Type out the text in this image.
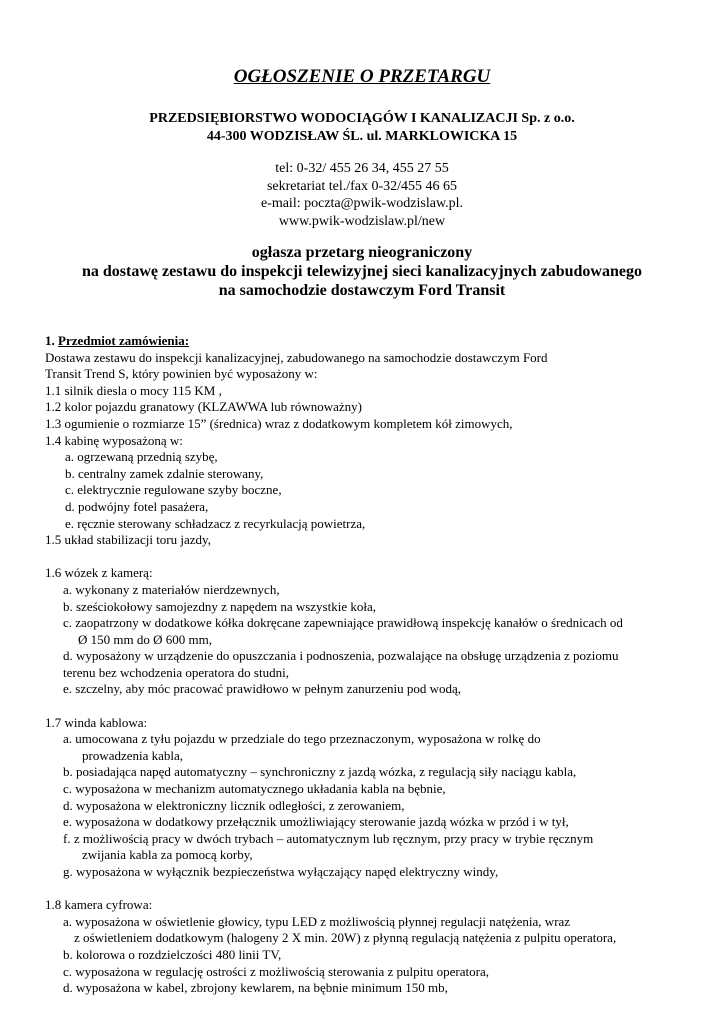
OGŁOSZENIE O PRZETARGU
PRZEDSIĘBIORSTWO WODOCIĄGÓW I KANALIZACJI Sp. z o.o.
44-300 WODZISŁAW ŚL. ul. MARKLOWICKA 15
tel: 0-32/ 455 26 34, 455 27 55
sekretariat tel./fax 0-32/455 46 65
e-mail: poczta@pwik-wodzislaw.pl.
www.pwik-wodzislaw.pl/new
ogłasza przetarg nieograniczony
na dostawę zestawu do inspekcji telewizyjnej sieci kanalizacyjnych zabudowanego
na samochodzie dostawczym Ford Transit
1. Przedmiot zamówienia:
Dostawa zestawu do inspekcji kanalizacyjnej, zabudowanego na samochodzie dostawczym Ford
Transit Trend S, który powinien być wyposażony w:
1.1 silnik diesla o mocy 115 KM ,
1.2 kolor pojazdu granatowy (KLZAWWA lub równoważny)
1.3 ogumienie o rozmiarze 15” (średnica) wraz z dodatkowym kompletem kół zimowych,
1.4 kabinę wyposażoną w:
a. ogrzewaną przednią szybę,
b. centralny zamek zdalnie sterowany,
c. elektrycznie regulowane szyby boczne,
d. podwójny fotel pasażera,
e. ręcznie sterowany schładzacz z recyrkulacją powietrza,
1.5 układ stabilizacji toru jazdy,
1.6 wózek z kamerą:
a. wykonany z materiałów nierdzewnych,
b. sześciokołowy samojezdny z napędem na wszystkie koła,
c. zaopatrzony w dodatkowe kółka dokręcane zapewniające prawidłową inspekcję kanałów o średnicach od
Ø 150 mm do Ø 600 mm,
d. wyposażony w urządzenie do opuszczania i podnoszenia, pozwalające na obsługę urządzenia z poziomu
terenu bez wchodzenia operatora do studni,
e. szczelny, aby móc pracować prawidłowo w pełnym zanurzeniu pod wodą,
1.7 winda kablowa:
a. umocowana z tyłu pojazdu w przedziale do tego przeznaczonym, wyposażona w rolkę do
prowadzenia kabla,
b. posiadająca napęd automatyczny – synchroniczny z jazdą wózka, z regulacją siły naciągu kabla,
c. wyposażona w mechanizm automatycznego układania kabla na bębnie,
d. wyposażona w elektroniczny licznik odległości, z zerowaniem,
e. wyposażona w dodatkowy przełącznik umożliwiający sterowanie jazdą wózka w przód i w tył,
f. z możliwością pracy w dwóch trybach – automatycznym lub ręcznym, przy pracy w trybie ręcznym
zwijania kabla za pomocą korby,
g. wyposażona w wyłącznik bezpieczeństwa wyłączający napęd elektryczny windy,
1.8 kamera cyfrowa:
a. wyposażona w oświetlenie głowicy, typu LED z możliwością płynnej regulacji natężenia, wraz
z oświetleniem dodatkowym (halogeny 2 X min. 20W) z płynną regulacją natężenia z pulpitu operatora,
b. kolorowa o rozdzielczości 480 linii TV,
c. wyposażona w regulację ostrości z możliwością sterowania z pulpitu operatora,
d. wyposażona w kabel, zbrojony kewlarem, na bębnie minimum 150 mb,
